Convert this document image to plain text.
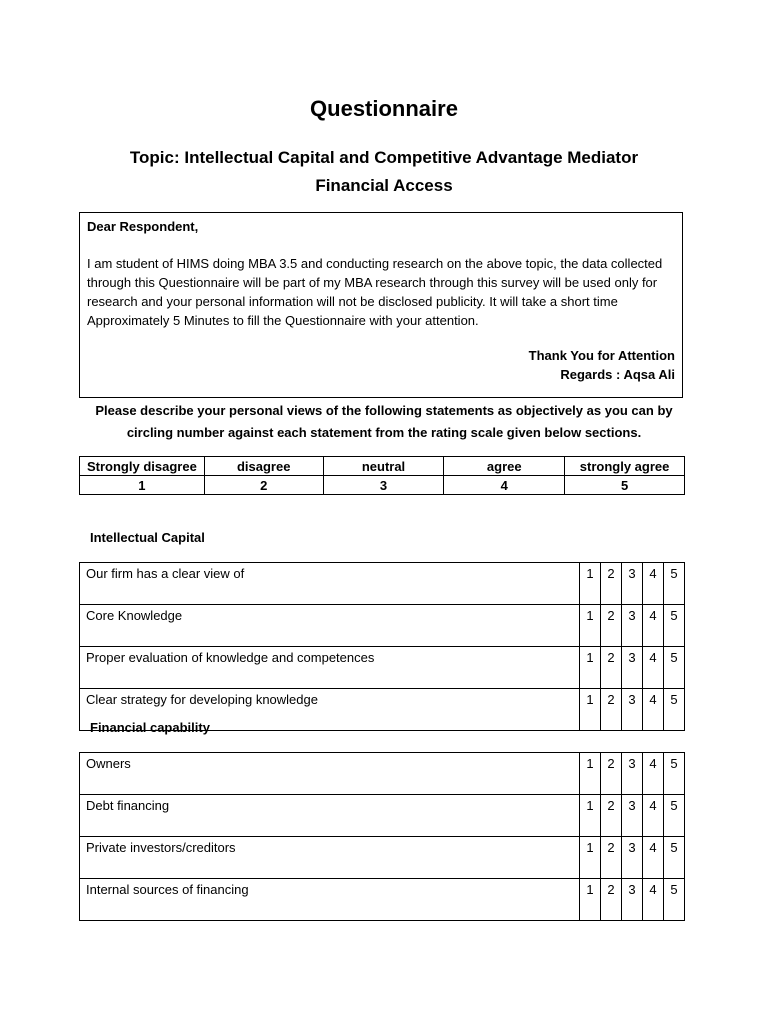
Questionnaire
Topic: Intellectual Capital and Competitive Advantage Mediator
Financial Access
Dear Respondent,
I am student of HIMS doing MBA 3.5 and conducting research on the above topic, the data collected through this Questionnaire will be part of my MBA research through this survey will be used only for research and your personal information will not be disclosed publicity. It will take a short time Approximately 5 Minutes to fill the Questionnaire with your attention.
Thank You for Attention
Regards : Aqsa Ali
Please describe your personal views of the following statements as objectively as you can by circling number against each statement from the rating scale given below sections.
Strongly disagree	disagree	neutral	agree	strongly agree
1	2	3	4	5
Intellectual Capital
Our firm has a clear view of	1	2	3	4	5
Core Knowledge	1	2	3	4	5
Proper evaluation of knowledge and competences	1	2	3	4	5
Clear strategy for developing knowledge	1	2	3	4	5
Financial capability
Owners	1	2	3	4	5
Debt financing	1	2	3	4	5
Private investors/creditors	1	2	3	4	5
Internal sources of financing	1	2	3	4	5
